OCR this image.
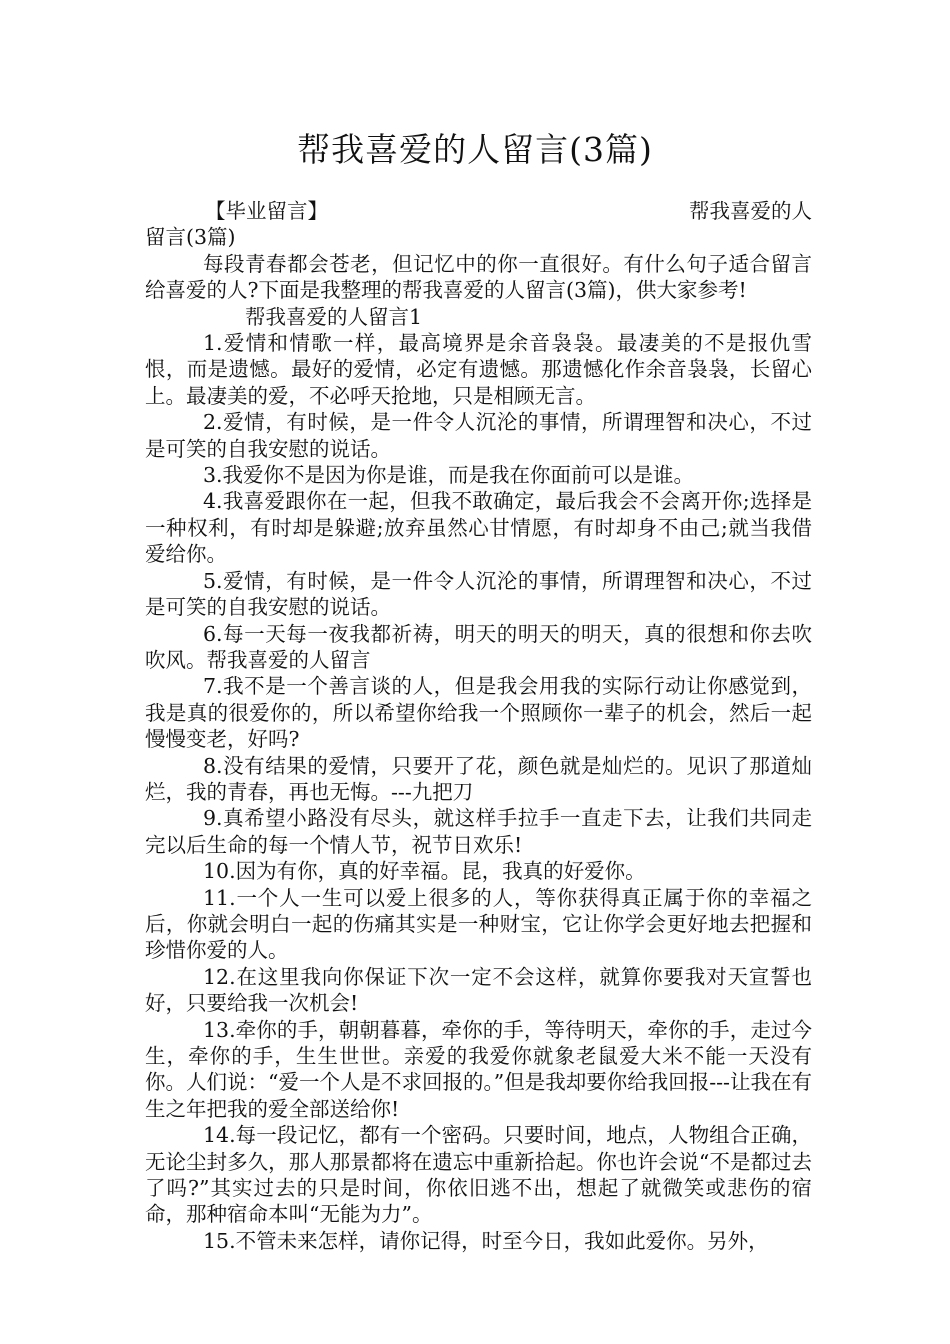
帮我喜爱的人留言(3篇)
【毕业留言】	帮我喜爱的人

留言(3篇)

每段青春都会苍老，但记忆中的你一直很好。有什么句子适合留言给喜爱的人?下面是我整理的帮我喜爱的人留言(3篇)，供大家参考!

帮我喜爱的人留言1

1.爱情和情歌一样，最高境界是余音袅袅。最凄美的不是报仇雪恨，而是遗憾。最好的爱情，必定有遗憾。那遗憾化作余音袅袅，长留心上。最凄美的爱，不必呼天抢地，只是相顾无言。

2.爱情，有时候，是一件令人沉沦的事情，所谓理智和决心，不过是可笑的自我安慰的说话。

3.我爱你不是因为你是谁，而是我在你面前可以是谁。

4.我喜爱跟你在一起，但我不敢确定，最后我会不会离开你;选择是一种权利，有时却是躲避;放弃虽然心甘情愿，有时却身不由己;就当我借爱给你。

5.爱情，有时候，是一件令人沉沦的事情，所谓理智和决心，不过是可笑的自我安慰的说话。

6.每一天每一夜我都祈祷，明天的明天的明天，真的很想和你去吹吹风。帮我喜爱的人留言

7.我不是一个善言谈的人，但是我会用我的实际行动让你感觉到，我是真的很爱你的，所以希望你给我一个照顾你一辈子的机会，然后一起慢慢变老，好吗?

8.没有结果的爱情，只要开了花，颜色就是灿烂的。见识了那道灿烂，我的青春，再也无悔。---九把刀

9.真希望小路没有尽头，就这样手拉手一直走下去，让我们共同走完以后生命的每一个情人节，祝节日欢乐!

10.因为有你，真的好幸福。昆，我真的好爱你。

11.一个人一生可以爱上很多的人，等你获得真正属于你的幸福之后，你就会明白一起的伤痛其实是一种财宝，它让你学会更好地去把握和珍惜你爱的人。

12.在这里我向你保证下次一定不会这样，就算你要我对天宣誓也好，只要给我一次机会!

13.牵你的手，朝朝暮暮，牵你的手，等待明天，牵你的手，走过今生，牵你的手，生生世世。亲爱的我爱你就象老鼠爱大米不能一天没有你。人们说：“爱一个人是不求回报的。”但是我却要你给我回报---让我在有生之年把我的爱全部送给你!

14.每一段记忆，都有一个密码。只要时间，地点，人物组合正确，无论尘封多久，那人那景都将在遗忘中重新拾起。你也许会说“不是都过去了吗?”其实过去的只是时间，你依旧逃不出，想起了就微笑或悲伤的宿命，那种宿命本叫“无能为力”。

15.不管未来怎样，请你记得，时至今日，我如此爱你。另外，
